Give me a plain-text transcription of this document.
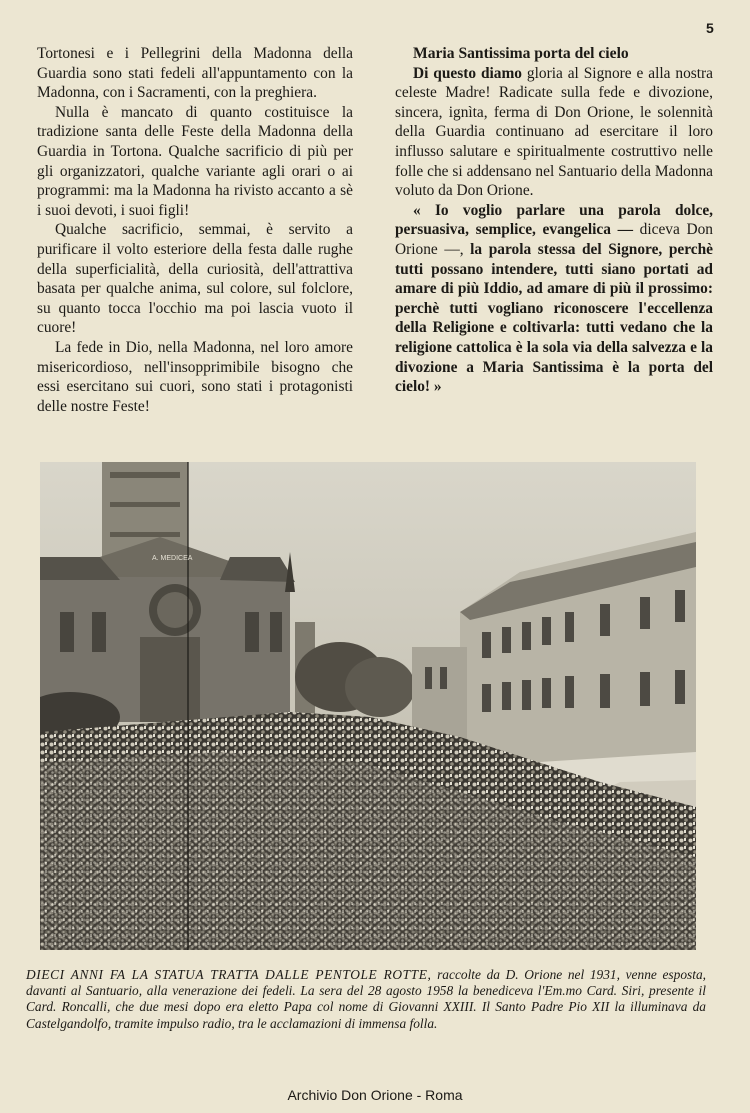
5

Tortonesi e i Pellegrini della Madonna della Guardia sono stati fedeli all'appuntamento con la Madonna, con i Sacramenti, con la preghiera.

Nulla è mancato di quanto costituisce la tradizione santa delle Feste della Madonna della Guardia in Tortona. Qualche sacrificio di più per gli organizzatori, qualche variante agli orari o ai programmi: ma la Madonna ha rivisto accanto a sè i suoi devoti, i suoi figli!

Qualche sacrificio, semmai, è servito a purificare il volto esteriore della festa dalle rughe della superficialità, della curiosità, dell'attrattiva basata per qualche anima, sul colore, sul folclore, su quanto tocca l'occhio ma poi lascia vuoto il cuore!

La fede in Dio, nella Madonna, nel loro amore misericordioso, nell'insopprimibile bisogno che essi esercitano sui cuori, sono stati i protagonisti delle nostre Feste!

Maria Santissima porta del cielo

Di questo diamo gloria al Signore e alla nostra celeste Madre! Radicate sulla fede e divozione, sincera, ignìta, ferma di Don Orione, le solennità della Guardia continuano ad esercitare il loro influsso salutare e spiritualmente costruttivo nelle folle che si addensano nel Santuario della Madonna voluto da Don Orione.

« Io voglio parlare una parola dolce, persuasiva, semplice, evangelica — diceva Don Orione —, la parola stessa del Signore, perchè tutti possano intendere, tutti siano portati ad amare di più Iddio, ad amare di più il prossimo: perchè tutti vogliano riconoscere l'eccellenza della Religione e coltivarla: tutti vedano che la religione cattolica è la sola via della salvezza e la divozione a Maria Santissima è la porta del cielo! »

A. MEDICEA
DIECI ANNI FA LA STATUA TRATTA DALLE PENTOLE ROTTE, raccolte da D. Orione nel 1931, venne esposta, davanti al Santuario, alla venerazione dei fedeli. La sera del 28 agosto 1958 la benediceva l'Em.mo Card. Siri, presente il Card. Roncalli, che due mesi dopo era eletto Papa col nome di Giovanni XXIII. Il Santo Padre Pio XII la illuminava da Castelgandolfo, tramite impulso radio, tra le acclamazioni di immensa folla.
Archivio Don Orione - Roma
